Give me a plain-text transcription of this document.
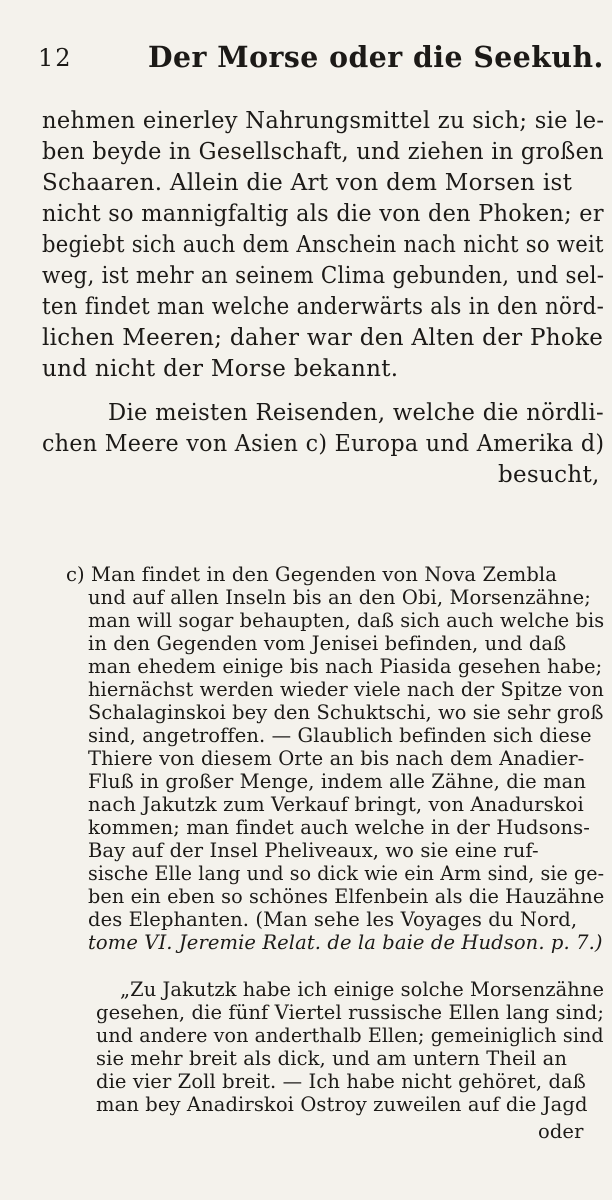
12	Der Morse oder die Seekuh.
nehmen einerley Nahrungsmittel zu sich; sie le-
ben beyde in Gesellschaft, und ziehen in großen
Schaaren. Allein die Art von dem Morsen ist
nicht so mannigfaltig als die von den Phoken; er
begiebt sich auch dem Anschein nach nicht so weit
weg, ist mehr an seinem Clima gebunden, und sel-
ten findet man welche anderwärts als in den nörd-
lichen Meeren; daher war den Alten der Phoke
und nicht der Morse bekannt.
Die meisten Reisenden, welche die nördli-
chen Meere von Asien c) Europa und Amerika d)
besucht,
c) Man findet in den Gegenden von Nova Zembla
und auf allen Inseln bis an den Obi, Morsenzähne;
man will sogar behaupten, daß sich auch welche bis
in den Gegenden vom Jenisei befinden, und daß
man ehedem einige bis nach Piasida gesehen habe;
hiernächst werden wieder viele nach der Spitze von
Schalaginskoi bey den Schuktschi, wo sie sehr groß
sind, angetroffen. — Glaublich befinden sich diese
Thiere von diesem Orte an bis nach dem Anadier-
Fluß in großer Menge, indem alle Zähne, die man
nach Jakutzk zum Verkauf bringt, von Anadurskoi
kommen; man findet auch welche in der Hudsons-
Bay auf der Insel Pheliveaux, wo sie eine ruf-
sische Elle lang und so dick wie ein Arm sind, sie ge-
ben ein eben so schönes Elfenbein als die Hauzähne
des Elephanten. (Man sehe les Voyages du Nord,
tome VI. Jeremie Relat. de la baie de Hudson. p. 7.)
„Zu Jakutzk habe ich einige solche Morsenzähne
gesehen, die fünf Viertel russische Ellen lang sind;
und andere von anderthalb Ellen; gemeiniglich sind
sie mehr breit als dick, und am untern Theil an
die vier Zoll breit. — Ich habe nicht gehöret, daß
man bey Anadirskoi Ostroy zuweilen auf die Jagd
oder
